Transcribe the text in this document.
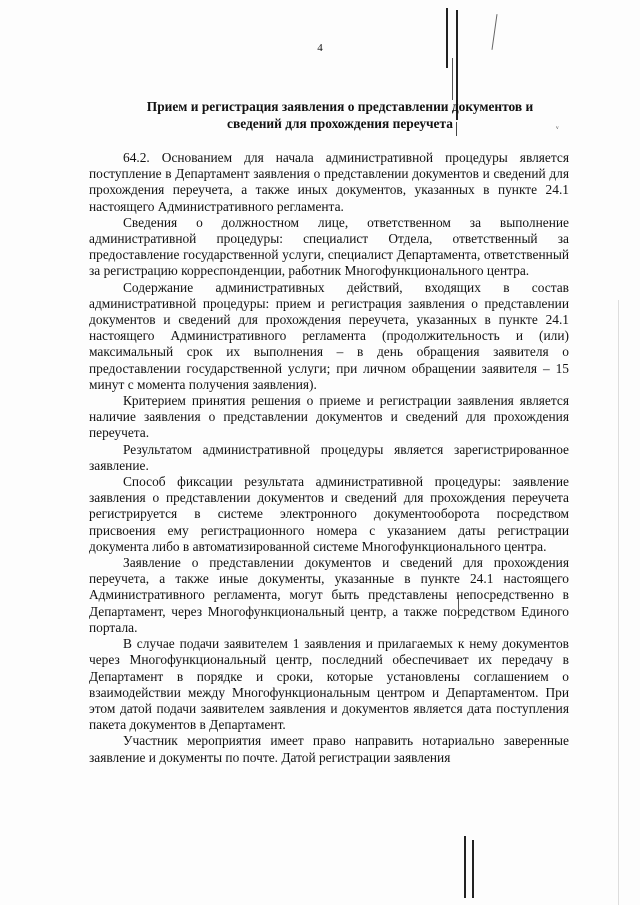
ᵥ
4
Прием и регистрация заявления о представлении документов и
сведений для прохождения переучета

64.2. Основанием для начала административной процедуры является поступление в Департамент заявления о представлении документов и сведений для прохождения переучета, а также иных документов, указанных в пункте 24.1 настоящего Административного регламента.

Сведения о должностном лице, ответственном за выполнение административной процедуры: специалист Отдела, ответственный за предоставление государственной услуги, специалист Департамента, ответственный за регистрацию корреспонденции, работник Многофункционального центра.

Содержание административных действий, входящих в состав административной процедуры: прием и регистрация заявления о представлении документов и сведений для прохождения переучета, указанных в пункте 24.1 настоящего Административного регламента (продолжительность и (или) максимальный срок их выполнения – в день обращения заявителя о предоставлении государственной услуги; при личном обращении заявителя – 15 минут с момента получения заявления).

Критерием принятия решения о приеме и регистрации заявления является наличие заявления о представлении документов и сведений для прохождения переучета.

Результатом административной процедуры является зарегистрированное заявление.

Способ фиксации результата административной процедуры: заявление заявления о представлении документов и сведений для прохождения переучета регистрируется в системе электронного документооборота посредством присвоения ему регистрационного номера с указанием даты регистрации документа либо в автоматизированной системе Многофункционального центра.

Заявление о представлении документов и сведений для прохождения переучета, а также иные документы, указанные в пункте 24.1 настоящего Административного регламента, могут быть представлены непосредственно в Департамент, через Многофункциональный центр, а также посредством Единого портала.

В случае подачи заявителем 1 заявления и прилагаемых к нему документов через Многофункциональный центр, последний обеспечивает их передачу в Департамент в порядке и сроки, которые установлены соглашением о взаимодействии между Многофункциональным центром и Департаментом. При этом датой подачи заявителем заявления и документов является дата поступления пакета документов в Департамент.

Участник мероприятия имеет право направить нотариально заверенные заявление и документы по почте. Датой регистрации заявления
